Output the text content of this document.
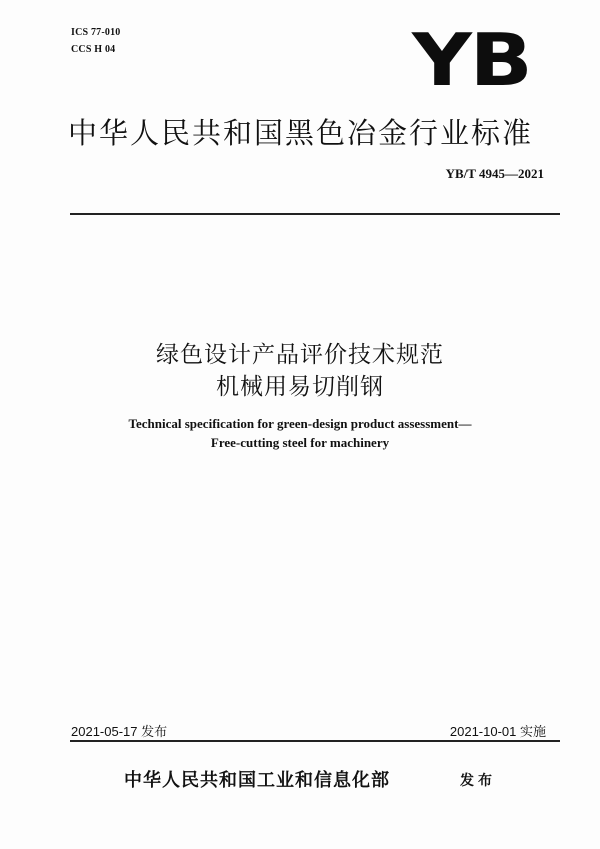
ICS 77-010
CCS H 04	YB
中华人民共和国黑色冶金行业标准
YB/T 4945—2021
绿色设计产品评价技术规范
机械用易切削钢
Technical specification for green-design product assessment—
Free-cutting steel for machinery
2021-05-17 发布	2021-10-01 实施
中华人民共和国工业和信息化部	发布
